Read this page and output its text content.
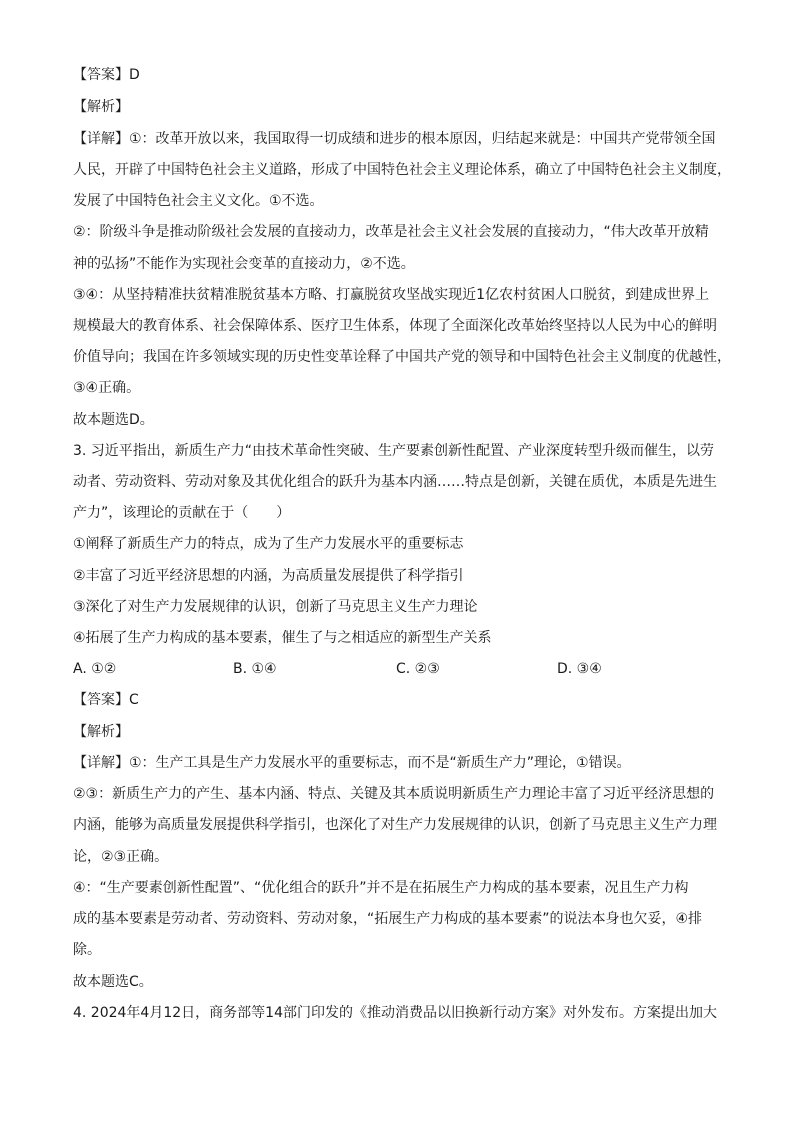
【答案】D
【解析】
【详解】①：改革开放以来，我国取得一切成绩和进步的根本原因，归结起来就是：中国共产党带领全国
人民，开辟了中国特色社会主义道路，形成了中国特色社会主义理论体系，确立了中国特色社会主义制度，
发展了中国特色社会主义文化。①不选。
②：阶级斗争是推动阶级社会发展的直接动力，改革是社会主义社会发展的直接动力，“伟大改革开放精
神的弘扬”不能作为实现社会变革的直接动力，②不选。
③④：从坚持精准扶贫精准脱贫基本方略、打赢脱贫攻坚战实现近1亿农村贫困人口脱贫，到建成世界上
规模最大的教育体系、社会保障体系、医疗卫生体系，体现了全面深化改革始终坚持以人民为中心的鲜明
价值导向；我国在许多领域实现的历史性变革诠释了中国共产党的领导和中国特色社会主义制度的优越性，
③④正确。
故本题选D。
3. 习近平指出，新质生产力“由技术革命性突破、生产要素创新性配置、产业深度转型升级而催生，以劳
动者、劳动资料、劳动对象及其优化组合的跃升为基本内涵……特点是创新，关键在质优，本质是先进生
产力”，该理论的贡献在于（　　）
①阐释了新质生产力的特点，成为了生产力发展水平的重要标志
②丰富了习近平经济思想的内涵，为高质量发展提供了科学指引
③深化了对生产力发展规律的认识，创新了马克思主义生产力理论
④拓展了生产力构成的基本要素，催生了与之相适应的新型生产关系
A. ①②	B. ①④	C. ②③	D. ③④
【答案】C
【解析】
【详解】①：生产工具是生产力发展水平的重要标志，而不是“新质生产力”理论，①错误。
②③：新质生产力的产生、基本内涵、特点、关键及其本质说明新质生产力理论丰富了习近平经济思想的
内涵，能够为高质量发展提供科学指引，也深化了对生产力发展规律的认识，创新了马克思主义生产力理
论，②③正确。
④：“生产要素创新性配置”、“优化组合的跃升”并不是在拓展生产力构成的基本要素，况且生产力构
成的基本要素是劳动者、劳动资料、劳动对象，“拓展生产力构成的基本要素”的说法本身也欠妥，④排
除。
故本题选C。
4. 2024年4月12日，商务部等14部门印发的《推动消费品以旧换新行动方案》对外发布。方案提出加大
